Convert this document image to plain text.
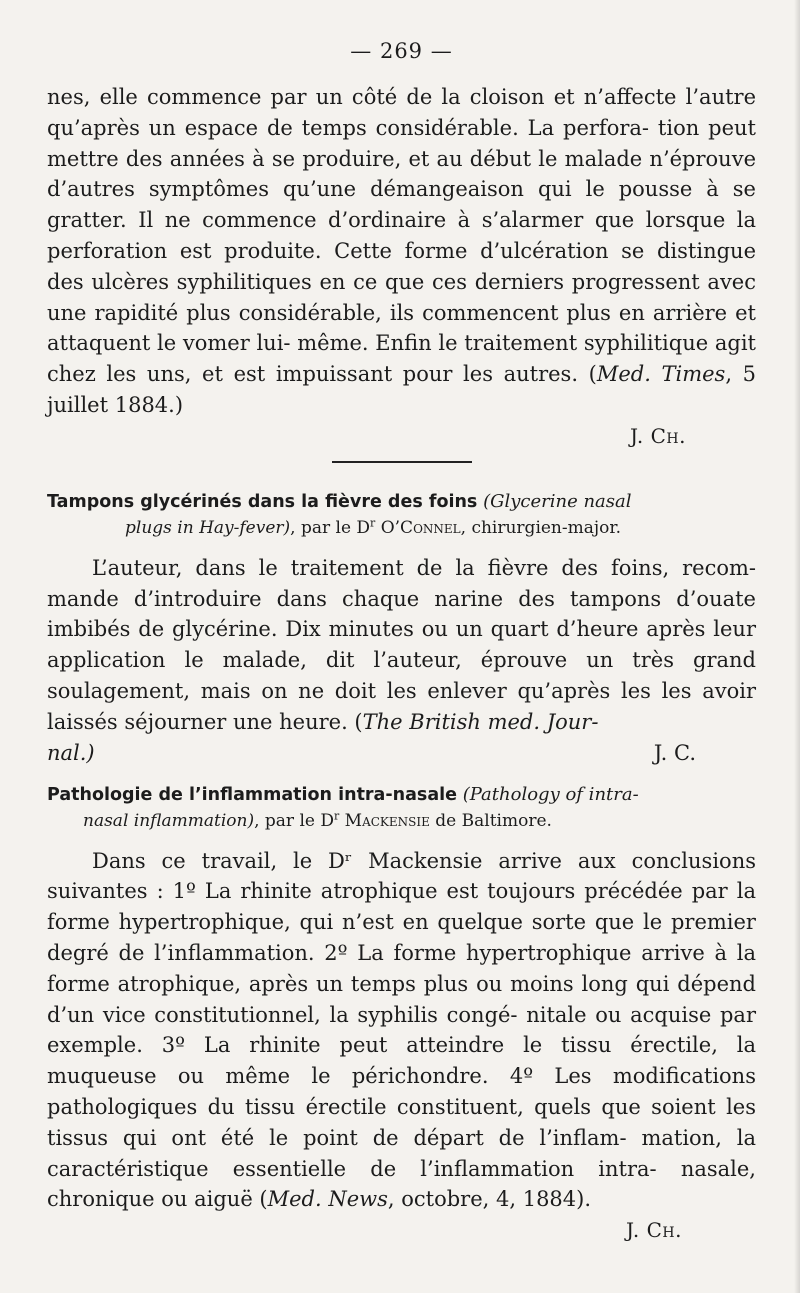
— 269 —

nes, elle commence par un côté de la cloison et n’affecte l’autre qu’après un espace de temps considérable. La perfora- tion peut mettre des années à se produire, et au début le malade n’éprouve d’autres symptômes qu’une démangeaison qui le pousse à se gratter. Il ne commence d’ordinaire à s’alarmer que lorsque la perforation est produite. Cette forme d’ulcération se distingue des ulcères syphilitiques en ce que ces derniers progressent avec une rapidité plus considérable, ils commencent plus en arrière et attaquent le vomer lui- même. Enfin le traitement syphilitique agit chez les uns, et est impuissant pour les autres. (Med. Times, 5 juillet 1884.)

J. Ch.
Tampons glycérinés dans la fièvre des foins (Glycerine nasal
plugs in Hay-fever), par le $D^r$ O’Connel, chirurgien-major.

L’auteur, dans le traitement de la fièvre des foins, recom- mande d’introduire dans chaque narine des tampons d’ouate imbibés de glycérine. Dix minutes ou un quart d’heure après leur application le malade, dit l’auteur, éprouve un très grand soulagement, mais on ne doit les enlever qu’après les les avoir laissés séjourner une heure. (The British med. Jour-

nal.)	J. C.
Pathologie de l’inflammation intra-nasale (Pathology of intra-
nasal inflammation), par le $D^r$ Mackensie de Baltimore.

Dans ce travail, le Dʳ Mackensie arrive aux conclusions suivantes : 1º La rhinite atrophique est toujours précédée par la forme hypertrophique, qui n’est en quelque sorte que le premier degré de l’inflammation. 2º La forme hypertrophique arrive à la forme atrophique, après un temps plus ou moins long qui dépend d’un vice constitutionnel, la syphilis congé- nitale ou acquise par exemple. 3º La rhinite peut atteindre le tissu érectile, la muqueuse ou même le périchondre. 4º Les modifications pathologiques du tissu érectile constituent, quels que soient les tissus qui ont été le point de départ de l’inflam- mation, la caractéristique essentielle de l’inflammation intra- nasale, chronique ou aiguë (Med. News, octobre, 4, 1884).

J. Ch.
